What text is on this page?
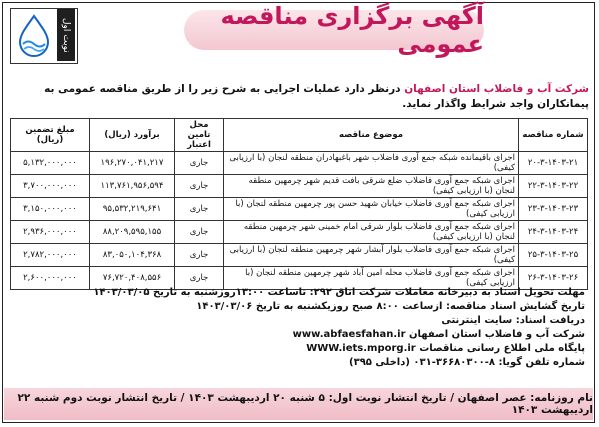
نوبت اول
آگهی برگزاری مناقصه عمومی
شرکت آب و فاضلاب استان اصفهان درنظر دارد عملیات اجرایی به شرح زیر را از طریق مناقصه عمومی به پیمانکاران واجد شرایط واگذار نماید.
شماره مناقصه	موضوع مناقصه	محل تامین اعتبار	برآورد (ریال)	مبلغ تضمین (ریال)
۲۰-۳-۱۴۰۳-۲۱	اجرای باقیمانده شبکه جمع آوری فاضلاب شهر باغبهادران منطقه لنجان (با ارزیابی کیفی)	جاری	۱۹۶,۲۷۰,۰۴۱,۲۱۷	۵,۱۳۲,۰۰۰,۰۰۰
۲۲-۳-۱۴۰۳-۲۲	اجرای شبکه جمع آوری فاضلاب ضلع شرقی بافت قدیم شهر چرمهین منطقه لنجان (با ارزیابی کیفی)	جاری	۱۱۳,۷۶۱,۹۵۶,۵۹۴	۳,۷۰۰,۰۰۰,۰۰۰
۲۳-۳-۱۴۰۳-۲۳	اجرای شبکه جمع آوری فاضلاب خیابان شهید حسن پور چرمهین منطقه لنجان (با ارزیابی کیفی)	جاری	۹۵,۵۳۲,۲۱۹,۶۴۱	۳,۱۵۰,۰۰۰,۰۰۰
۲۴-۳-۱۴۰۳-۲۴	اجرای شبکه جمع آوری فاضلاب بلوار شرقی امام خمینی شهر چرمهین منطقه لنجان (با ارزیابی کیفی)	جاری	۸۸,۲۰۹,۵۹۵,۱۵۵	۲,۹۳۶,۰۰۰,۰۰۰
۲۵-۳-۱۴۰۳-۲۵	اجرای شبکه جمع آوری فاضلاب بلوار آبشار شهر چرمهین منطقه لنجان (با ارزیابی کیفی)	جاری	۸۳,۰۵۰,۱۰۴,۳۶۸	۲,۷۸۲,۰۰۰,۰۰۰
۲۶-۳-۱۴۰۳-۲۶	اجرای شبکه جمع آوری فاضلاب محله امین آباد شهر چرمهین منطقه لنجان (با ارزیابی کیفی)	جاری	۷۶,۷۲۰,۴۰۸,۵۵۶	۲,۶۰۰,۰۰۰,۰۰۰
مهلت تحویل اسناد به دبیرخانه معاملات شرکت اتاق ۲۹۲: تاساعت ۱۳:۰۰روزشنبه به تاریخ ۱۴۰۳/۰۳/۰۵
تاریخ گشایش اسناد مناقصه: ازساعت ۸:۰۰ صبح روزیکشنبه به تاریخ ۱۴۰۳/۰۳/۰۶
دریافت اسناد: سایت اینترنتی
شرکت آب و فاضلاب استان اصفهان www.abfaesfahan.ir
پایگاه ملی اطلاع رسانی مناقصات WWW.iets.mporg.ir
شماره تلفن گویا: ۸-۳۶۶۸۰۳۰۰-۰۳۱ (داخلی ۳۹۵)
نام روزنامه: عصر اصفهان / تاریخ انتشار نوبت اول: ۵ شنبه ۲۰ اردیبهشت ۱۴۰۳ / تاریخ انتشار نوبت دوم شنبه ۲۲ اردیبهشت ۱۴۰۳
